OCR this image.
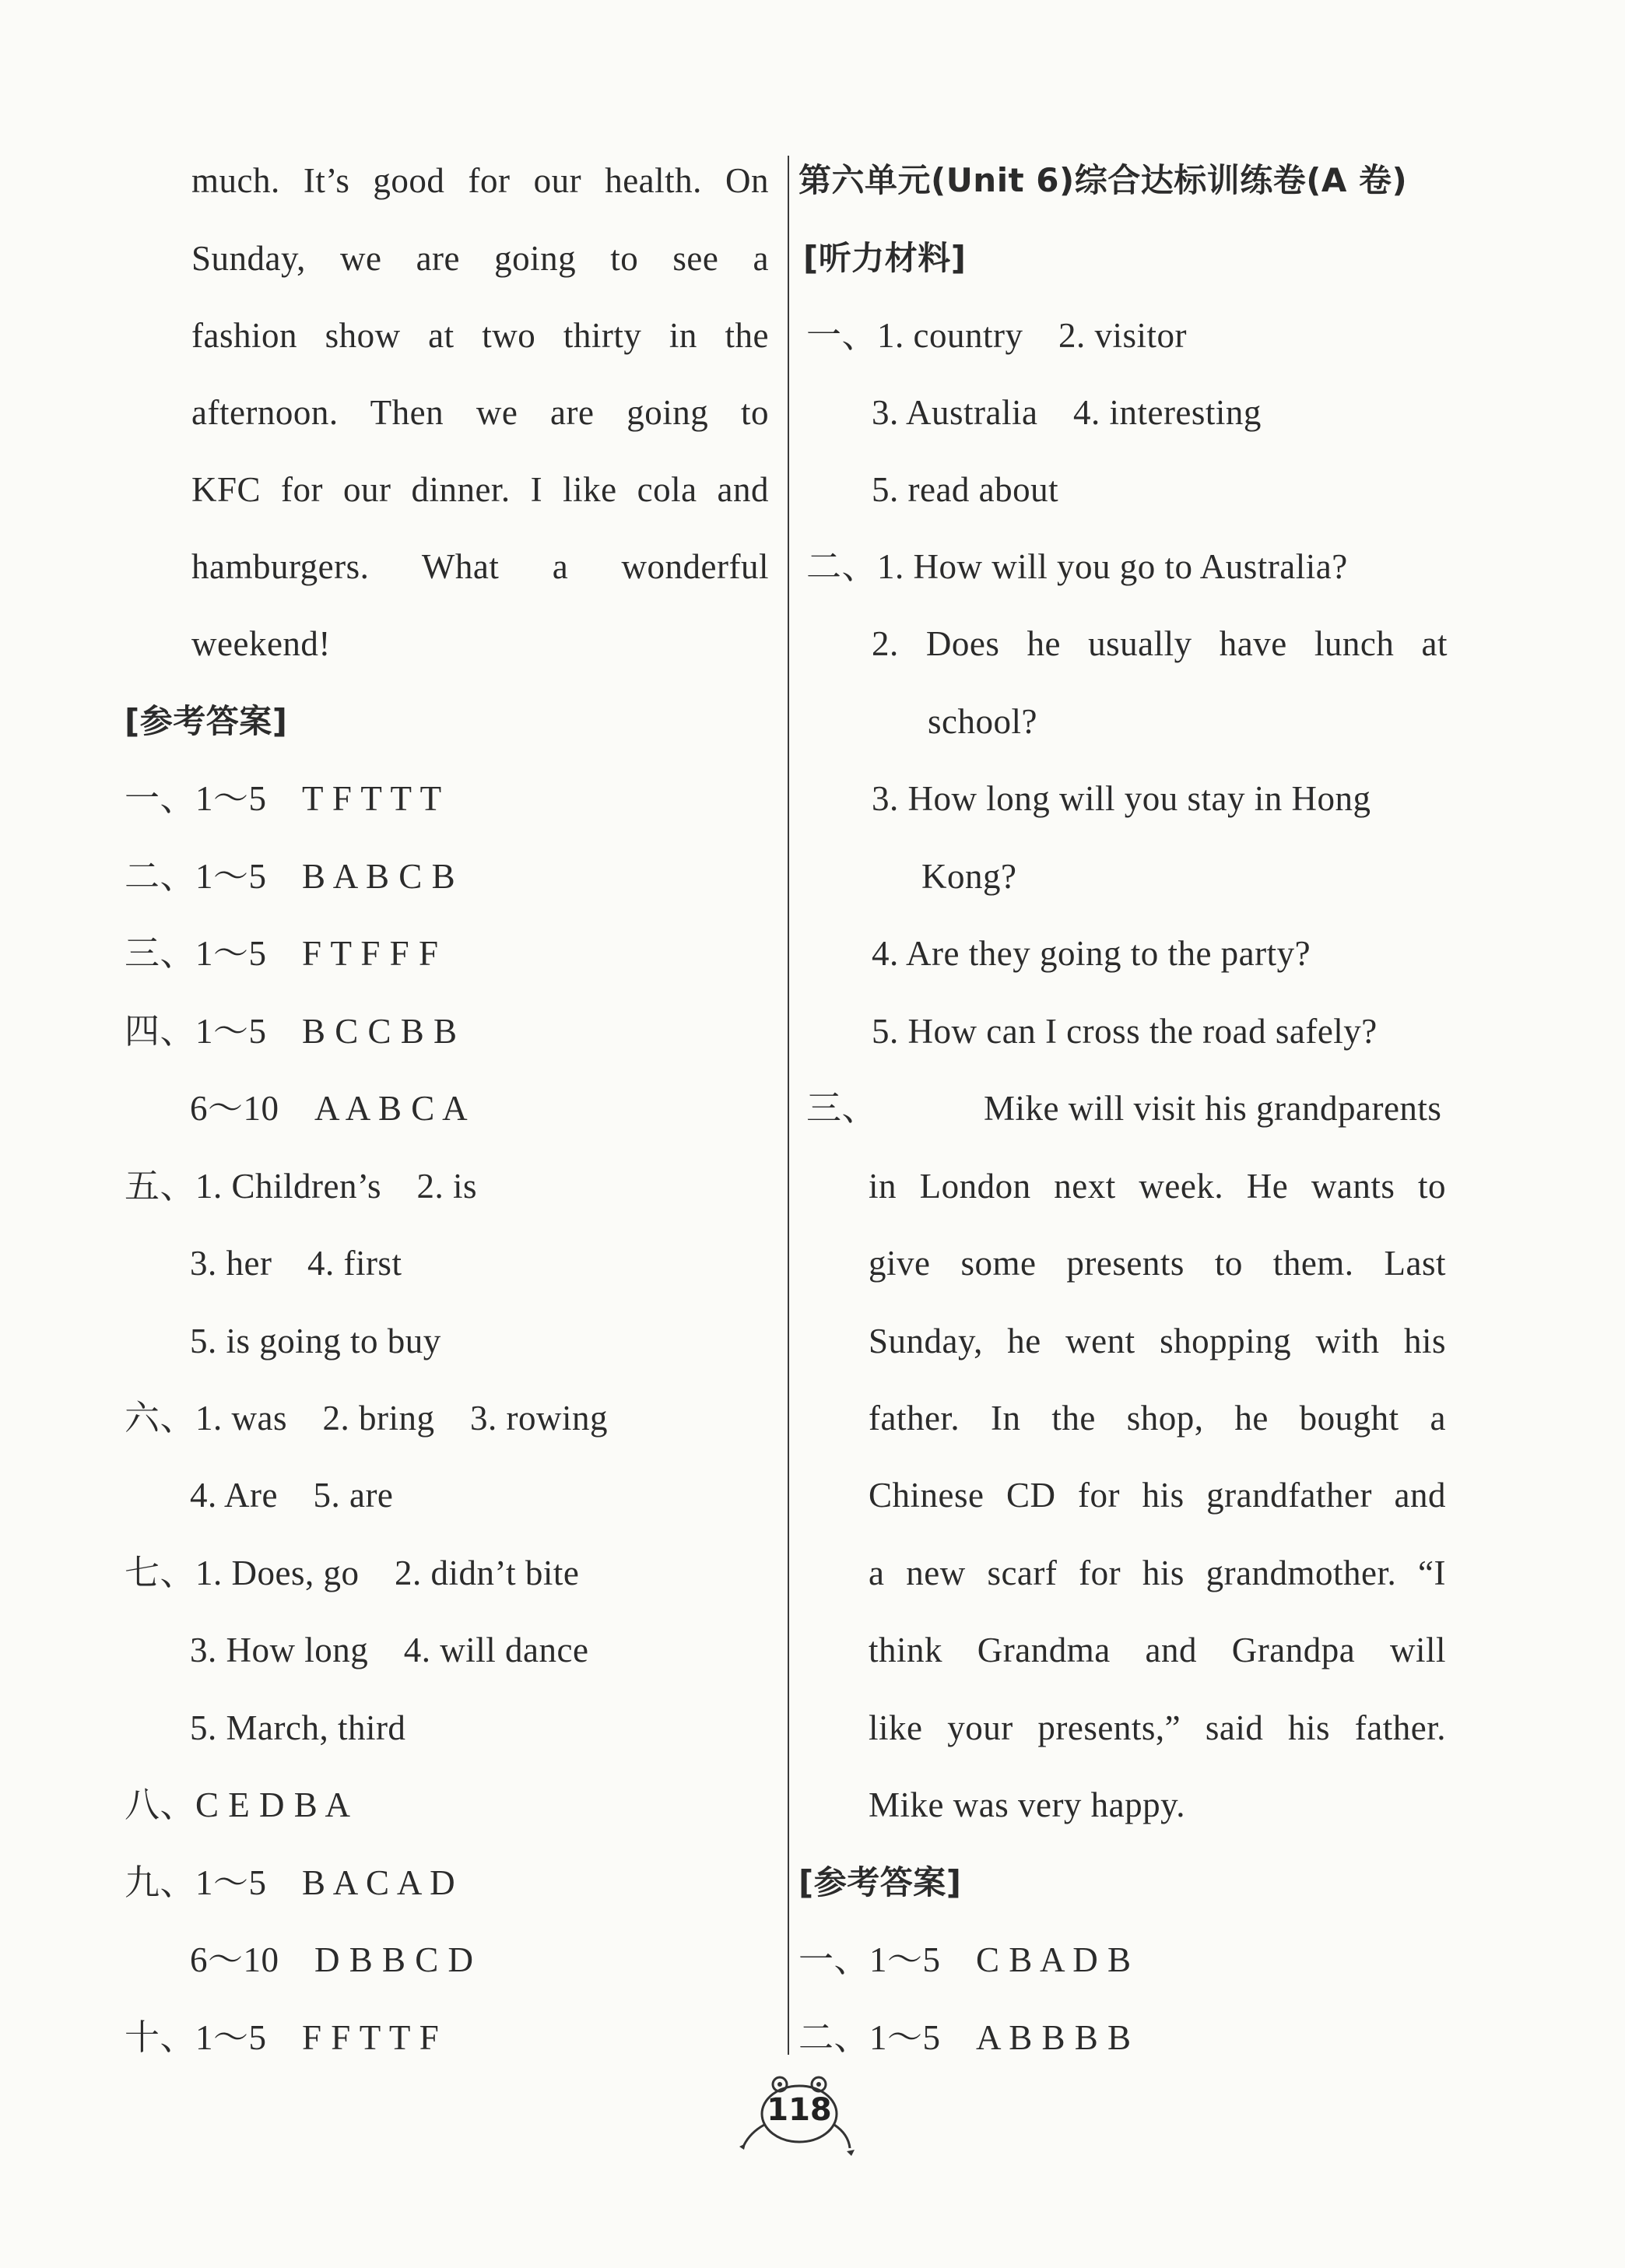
much. It’s good for our health. On
Sunday, we are going to see a
fashion show at two thirty in the
afternoon. Then we are going to
KFC for our dinner. I like cola and
hamburgers. What a wonderful
weekend!
[参考答案]
一、1～5　T F T T T
二、1～5　B A B C B
三、1～5　F T F F F
四、1～5　B C C B B
6～10　A A B C A
五、1. Children’s　2. is
3. her　4. first
5. is going to buy
六、1. was　2. bring　3. rowing
4. Are　5. are
七、1. Does, go　2. didn’t bite
3. How long　4. will dance
5. March, third
八、C E D B A
九、1～5　B A C A D
6～10　D B B C D
十、1～5　F F T T F
第六单元(Unit 6)综合达标训练卷(A 卷)
[听力材料]
一、1. country　2. visitor
3. Australia　4. interesting
5. read about
二、1. How will you go to Australia?
2. Does he usually have lunch at
school?
3. How long will you stay in Hong
Kong?
4. Are they going to the party?
5. How can I cross the road safely?
三、	Mike will visit his grandparents
in London next week. He wants to
give some presents to them. Last
Sunday, he went shopping with his
father. In the shop, he bought a
Chinese CD for his grandfather and
a new scarf for his grandmother. “I
think Grandma and Grandpa will
like your presents,” said his father.
Mike was very happy.
[参考答案]
一、1～5　C B A D B
二、1～5　A B B B B
118
